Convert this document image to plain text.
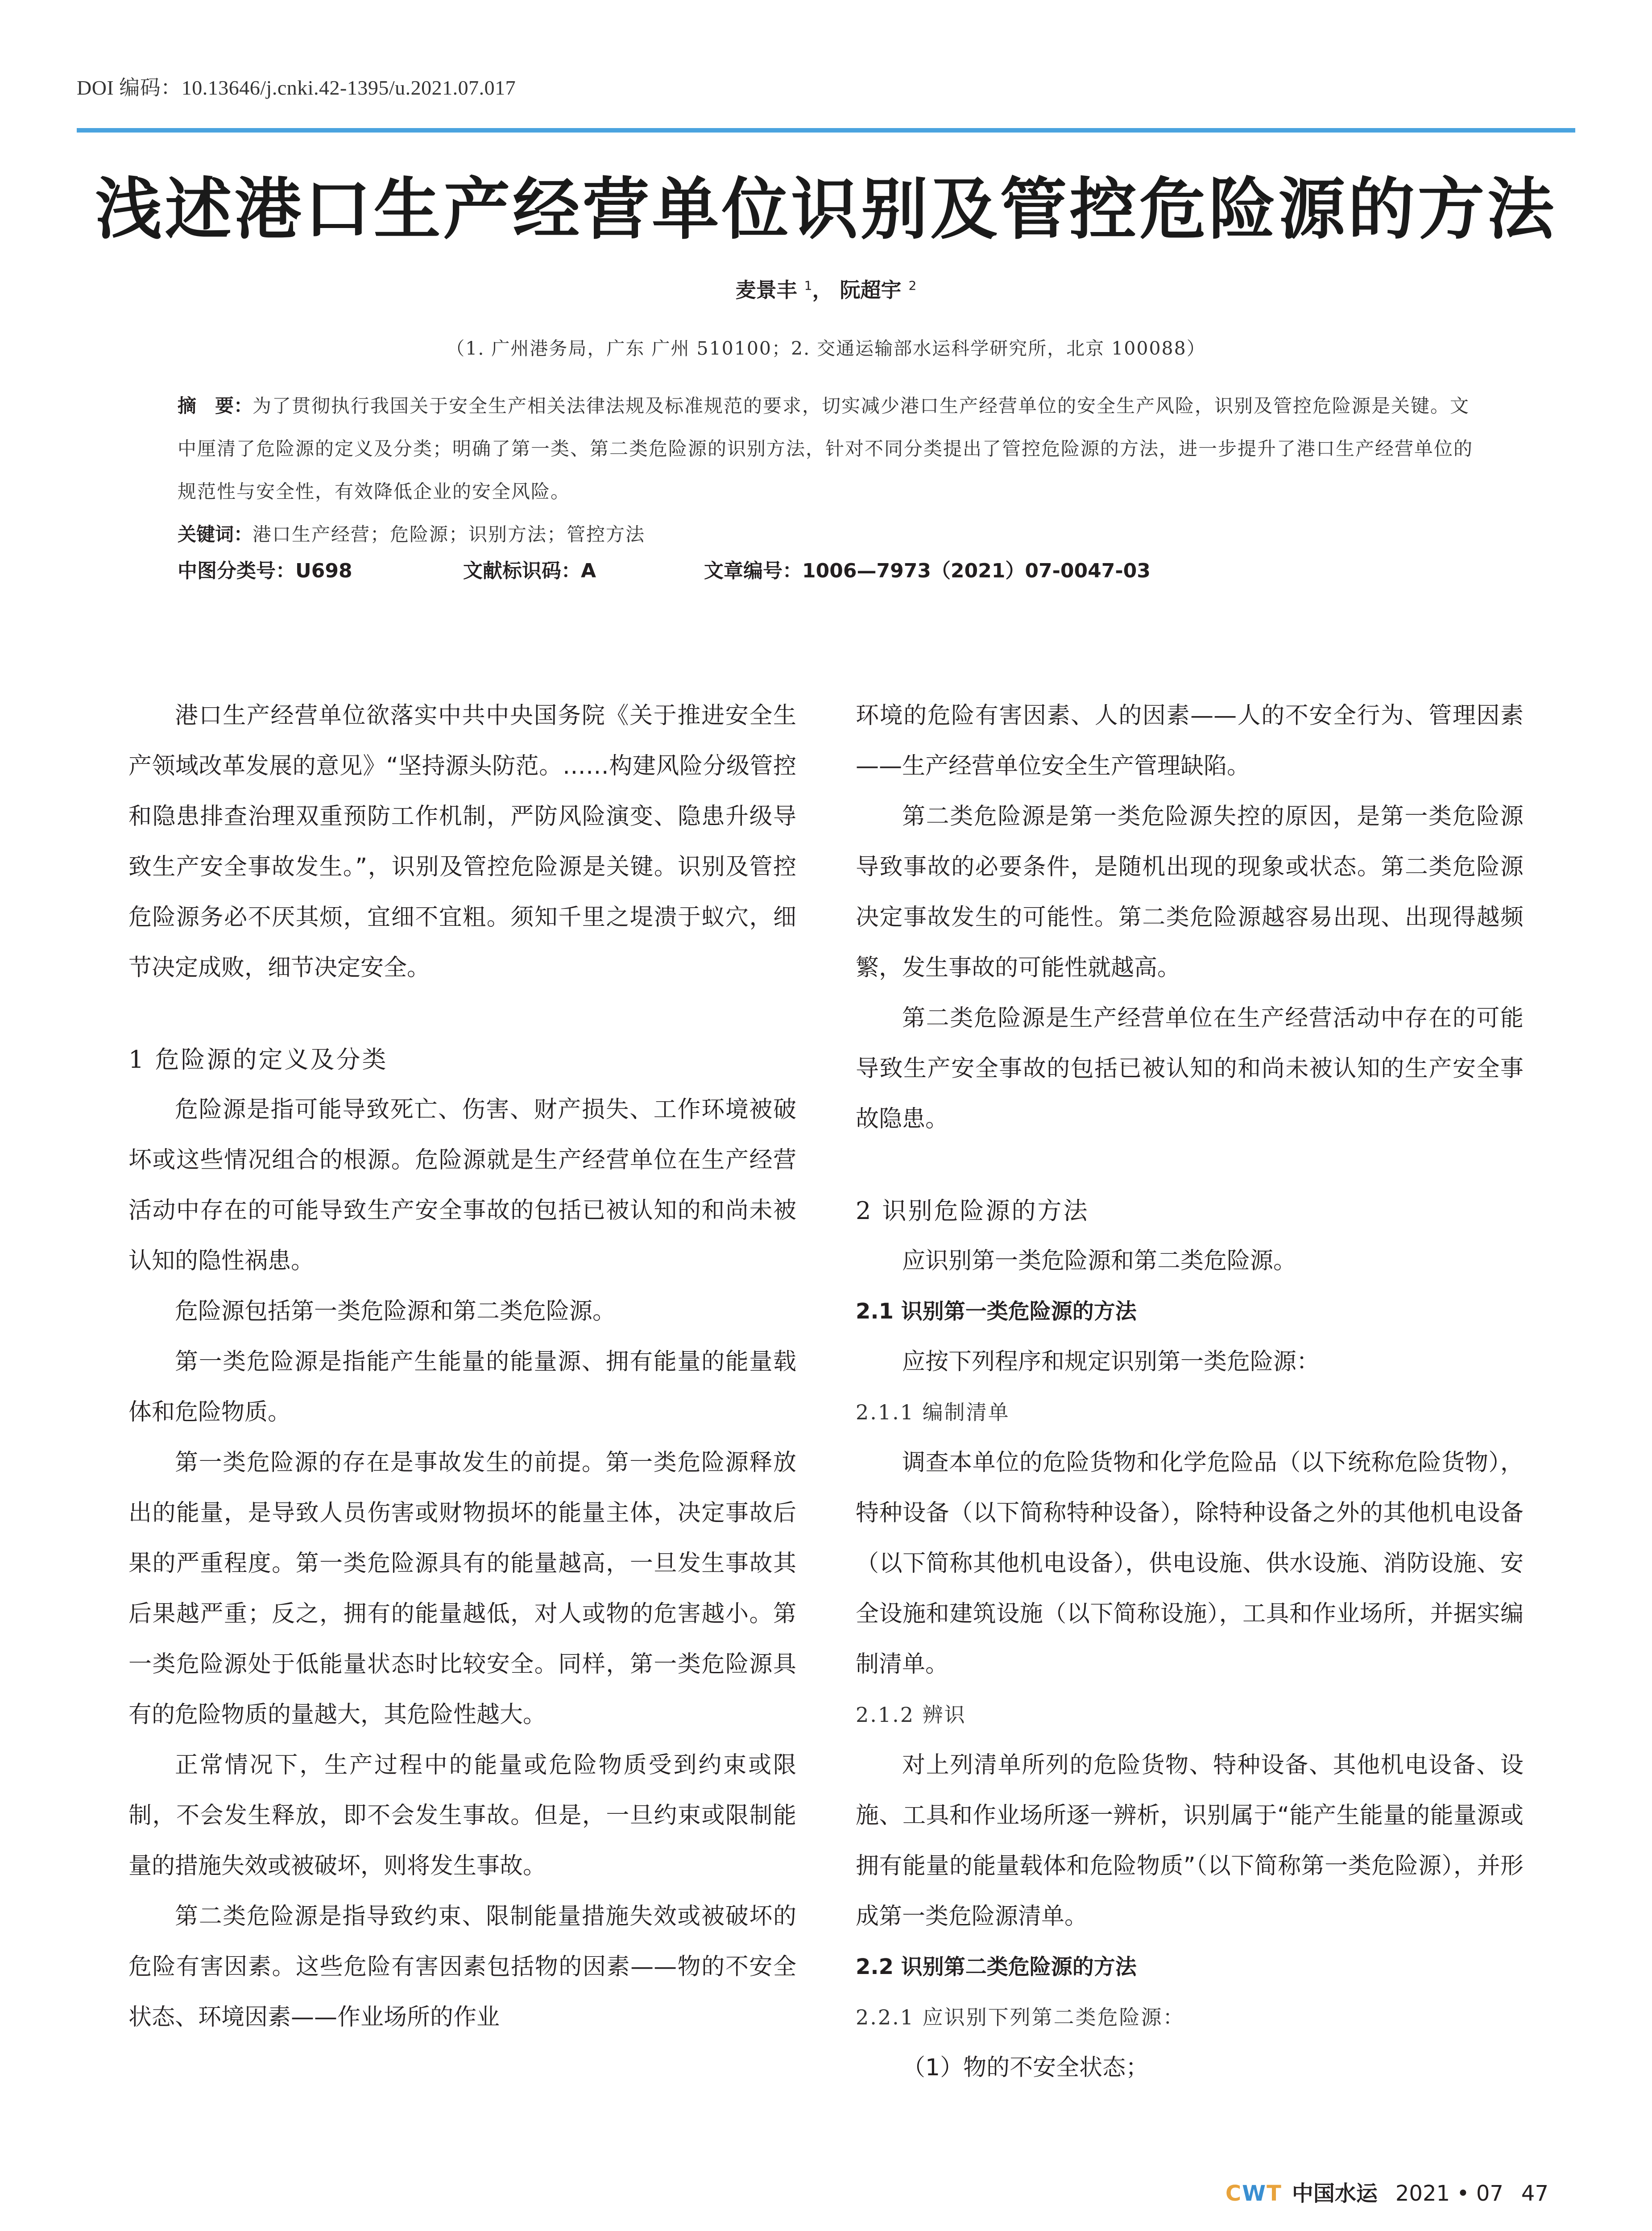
DOI 编码：10.13646/j.cnki.42-1395/u.2021.07.017
浅述港口生产经营单位识别及管控危险源的方法
麦景丰 $^1$， 阮超宇 $^2$
（1. 广州港务局，广东 广州 510100；2. 交通运输部水运科学研究所，北京 100088）
摘　要：为了贯彻执行我国关于安全生产相关法律法规及标准规范的要求，切实减少港口生产经营单位的安全生产风险，识别及管控危险源是关键。文中厘清了危险源的定义及分类；明确了第一类、第二类危险源的识别方法，针对不同分类提出了管控危险源的方法，进一步提升了港口生产经营单位的规范性与安全性，有效降低企业的安全风险。
关键词：港口生产经营；危险源；识别方法；管控方法
中图分类号：U698	文献标识码：A	文章编号：1006—7973（2021）07-0047-03

港口生产经营单位欲落实中共中央国务院《关于推进安全生产领域改革发展的意见》“坚持源头防范。……构建风险分级管控和隐患排查治理双重预防工作机制，严防风险演变、隐患升级导致生产安全事故发生。”，识别及管控危险源是关键。识别及管控危险源务必不厌其烦，宜细不宜粗。须知千里之堤溃于蚁穴，细节决定成败，细节决定安全。

1 危险源的定义及分类

危险源是指可能导致死亡、伤害、财产损失、工作环境被破坏或这些情况组合的根源。危险源就是生产经营单位在生产经营活动中存在的可能导致生产安全事故的包括已被认知的和尚未被认知的隐性祸患。

危险源包括第一类危险源和第二类危险源。

第一类危险源是指能产生能量的能量源、拥有能量的能量载体和危险物质。

第一类危险源的存在是事故发生的前提。第一类危险源释放出的能量，是导致人员伤害或财物损坏的能量主体，决定事故后果的严重程度。第一类危险源具有的能量越高，一旦发生事故其后果越严重；反之，拥有的能量越低，对人或物的危害越小。第一类危险源处于低能量状态时比较安全。同样，第一类危险源具有的危险物质的量越大，其危险性越大。

正常情况下，生产过程中的能量或危险物质受到约束或限制，不会发生释放，即不会发生事故。但是，一旦约束或限制能量的措施失效或被破坏，则将发生事故。

第二类危险源是指导致约束、限制能量措施失效或被破坏的危险有害因素。这些危险有害因素包括物的因素——物的不安全状态、环境因素——作业场所的作业

环境的危险有害因素、人的因素——人的不安全行为、管理因素——生产经营单位安全生产管理缺陷。

第二类危险源是第一类危险源失控的原因，是第一类危险源导致事故的必要条件，是随机出现的现象或状态。第二类危险源决定事故发生的可能性。第二类危险源越容易出现、出现得越频繁，发生事故的可能性就越高。

第二类危险源是生产经营单位在生产经营活动中存在的可能导致生产安全事故的包括已被认知的和尚未被认知的生产安全事故隐患。

2 识别危险源的方法

应识别第一类危险源和第二类危险源。

2.1 识别第一类危险源的方法

应按下列程序和规定识别第一类危险源：

2.1.1 编制清单

调查本单位的危险货物和化学危险品（以下统称危险货物），特种设备（以下简称特种设备），除特种设备之外的其他机电设备（以下简称其他机电设备），供电设施、供水设施、消防设施、安全设施和建筑设施（以下简称设施），工具和作业场所，并据实编制清单。

2.1.2 辨识

对上列清单所列的危险货物、特种设备、其他机电设备、设施、工具和作业场所逐一辨析，识别属于“能产生能量的能量源或拥有能量的能量载体和危险物质”（以下简称第一类危险源），并形成第一类危险源清单。

2.2 识别第二类危险源的方法
2.2.1 应识别下列第二类危险源：

（1）物的不安全状态；

CWT 中国水运 2021 • 07 47
